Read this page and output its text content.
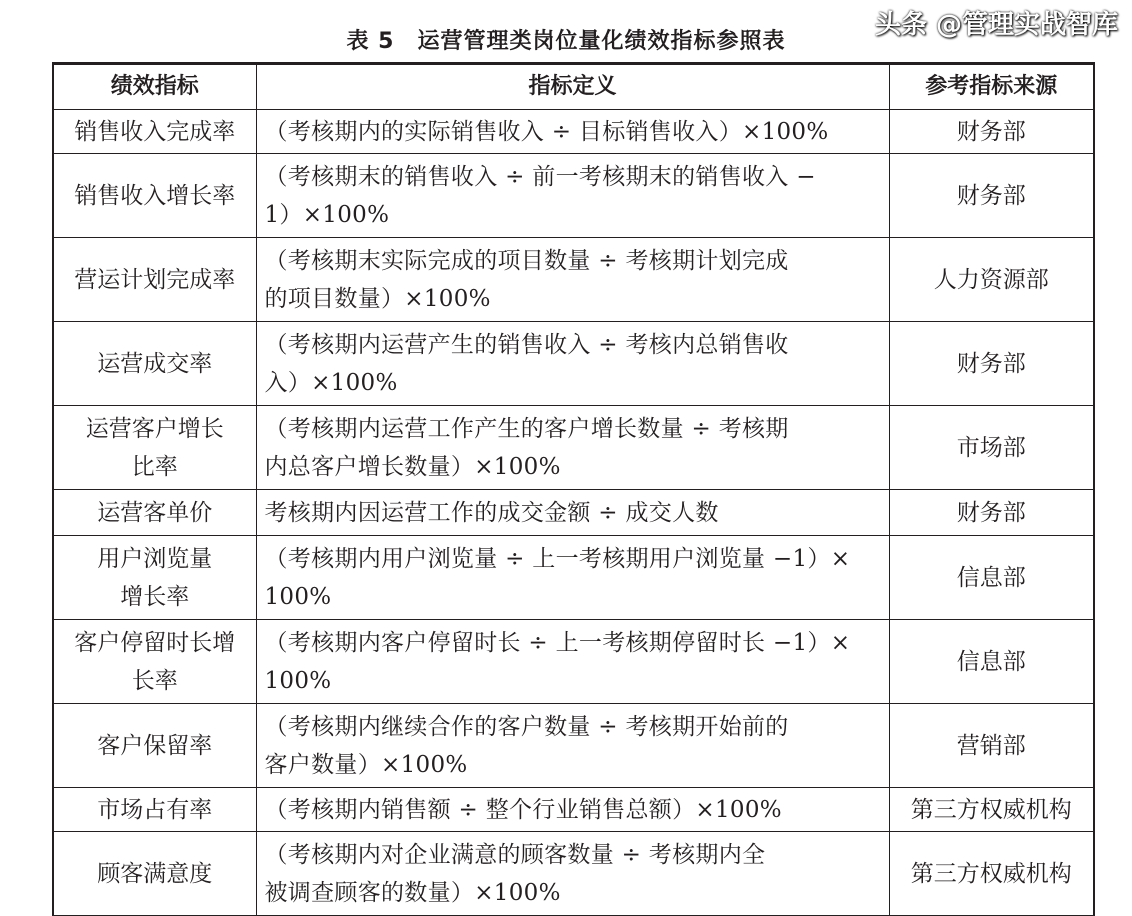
表 5　运营管理类岗位量化绩效指标参照表
绩效指标	指标定义	参考指标来源

销售收入完成率	（考核期内的实际销售收入 ÷ 目标销售收入）×100%	财务部

销售收入增长率	（考核期末的销售收入 ÷ 前一考核期末的销售收入 −
1）×100%	财务部

营运计划完成率	（考核期末实际完成的项目数量 ÷ 考核期计划完成
的项目数量）×100%	人力资源部

运营成交率	（考核期内运营产生的销售收入 ÷ 考核内总销售收
入）×100%	财务部

运营客户增长
比率	（考核期内运营工作产生的客户增长数量 ÷ 考核期
内总客户增长数量）×100%	市场部

运营客单价	考核期内因运营工作的成交金额 ÷ 成交人数	财务部

用户浏览量
增长率	（考核期内用户浏览量 ÷ 上一考核期用户浏览量 −1）×
100%	信息部

客户停留时长增
长率	（考核期内客户停留时长 ÷ 上一考核期停留时长 −1）×
100%	信息部

客户保留率	（考核期内继续合作的客户数量 ÷ 考核期开始前的
客户数量）×100%	营销部

市场占有率	（考核期内销售额 ÷ 整个行业销售总额）×100%	第三方权威机构

顾客满意度	（考核期内对企业满意的顾客数量 ÷ 考核期内全
被调查顾客的数量）×100%	第三方权威机构
头条 @管理实战智库
